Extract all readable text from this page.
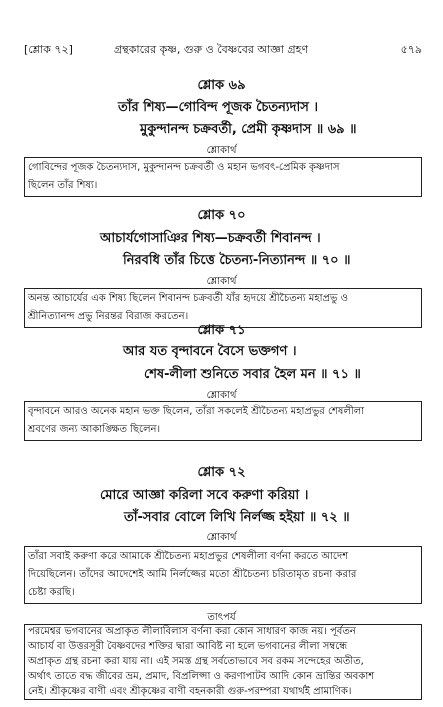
[শ্লোক ৭২]	গ্রন্থকারের কৃষ্ণ, গুরু ও বৈষ্ণবের আজ্ঞা গ্রহণ	৫৭৯
শ্লোক ৬৯
তাঁর শিষ্য—গোবিন্দ পূজক চৈতন্যদাস ।
মুকুন্দানন্দ চক্রবর্তী, প্রেমী কৃষ্ণদাস ॥ ৬৯ ॥
শ্লোকার্থ
গোবিন্দের পূজক চৈতন্যদাস, মুকুন্দানন্দ চক্রবর্তী ও মহান ভগবৎ-প্রেমিক কৃষ্ণদাস
ছিলেন তাঁর শিষ্য।
শ্লোক ৭০
আচার্যগোসাঞির শিষ্য—চক্রবর্তী শিবানন্দ ।
নিরবধি তাঁর চিত্তে চৈতন্য-নিত্যানন্দ ॥ ৭০ ॥
শ্লোকার্থ
অনন্ত আচার্যের এক শিষ্য ছিলেন শিবানন্দ চক্রবর্তী যাঁর হৃদয়ে শ্রীচৈতন্য মহাপ্রভু ও
শ্রীনিত্যানন্দ প্রভু নিরন্তর বিরাজ করতেন।
শ্লোক ৭১
আর যত বৃন্দাবনে বৈসে ভক্তগণ ।
শেষ-লীলা শুনিতে সবার হৈল মন ॥ ৭১ ॥
শ্লোকার্থ
বৃন্দাবনে আরও অনেক মহান ভক্ত ছিলেন, তাঁরা সকলেই শ্রীচৈতন্য মহাপ্রভুর শেষলীলা
শ্রবণের জন্য আকাঙ্ক্ষিত ছিলেন।
শ্লোক ৭২
মোরে আজ্ঞা করিলা সবে করুণা করিয়া ।
তাঁ-সবার বোলে লিখি নির্লজ্জ হইয়া ॥ ৭২ ॥
শ্লোকার্থ
তাঁরা সবাই করুণা করে আমাকে শ্রীচৈতন্য মহাপ্রভুর শেষলীলা বর্ণনা করতে আদেশ
দিয়েছিলেন। তাঁদের আদেশেই আমি নির্লজ্জের মতো শ্রীচৈতন্য চরিতামৃত রচনা করার
চেষ্টা করছি।
তাৎপর্য
পরমেশ্বর ভগবানের অপ্রাকৃত লীলাবিলাস বর্ণনা করা কোন সাধারণ কাজ নয়। পূর্বতন
আচার্য বা উত্তরসূরী বৈষ্ণবদের শক্তির দ্বারা আবিষ্ট না হলে ভগবানের লীলা সম্বন্ধে
অপ্রাকৃত গ্রন্থ রচনা করা যায় না। এই সমস্ত গ্রন্থ সর্বতোভাবে সব রকম সন্দেহের অতীত,
অর্থাৎ তাতে বদ্ধ জীবের ভ্রম, প্রমাদ, বিপ্রলিপ্সা ও করণাপাটব আদি কোন ভ্রান্তির অবকাশ
নেই। শ্রীকৃষ্ণের বাণী এবং শ্রীকৃষ্ণের বাণী বহনকারী গুরু-পরম্পরা যথার্থই প্রামাণিক।
